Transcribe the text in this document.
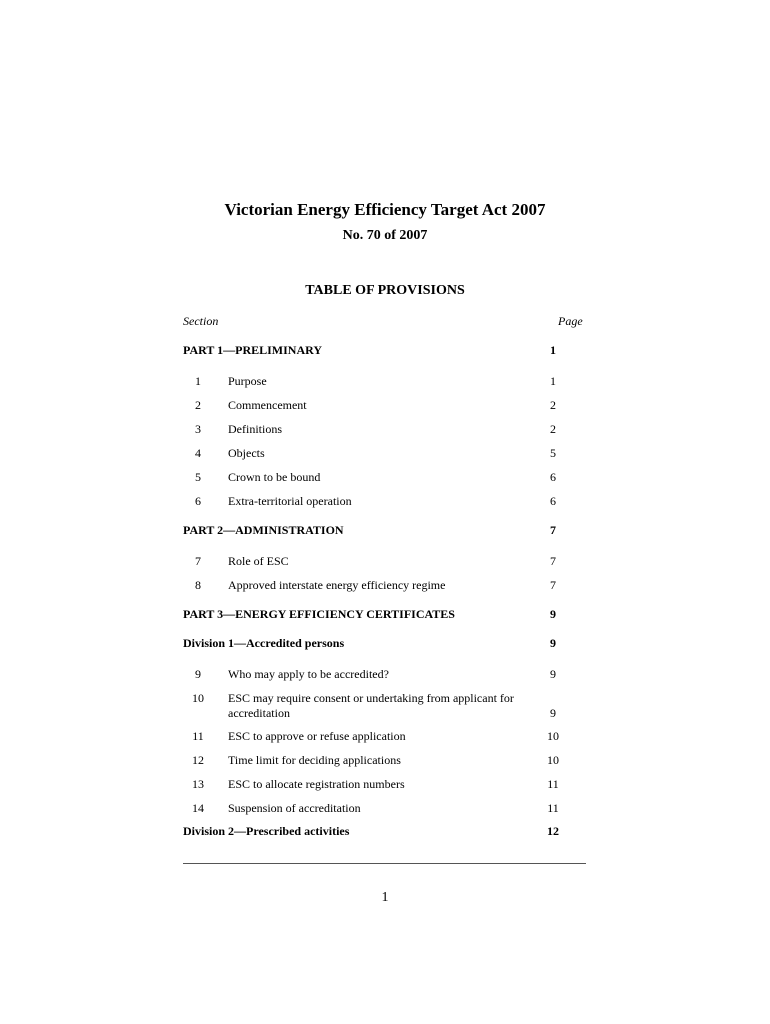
Victorian Energy Efficiency Target Act 2007
No. 70 of 2007
TABLE OF PROVISIONS
Section	Page
PART 1—PRELIMINARY	1
1	Purpose	1
2	Commencement	2
3	Definitions	2
4	Objects	5
5	Crown to be bound	6
6	Extra-territorial operation	6
PART 2—ADMINISTRATION	7
7	Role of ESC	7
8	Approved interstate energy efficiency regime	7
PART 3—ENERGY EFFICIENCY CERTIFICATES	9
Division 1—Accredited persons	9
9	Who may apply to be accredited?	9
10	ESC may require consent or undertaking from applicant for
accreditation	9
11	ESC to approve or refuse application	10
12	Time limit for deciding applications	10
13	ESC to allocate registration numbers	11
14	Suspension of accreditation	11
Division 2—Prescribed activities	12
1
